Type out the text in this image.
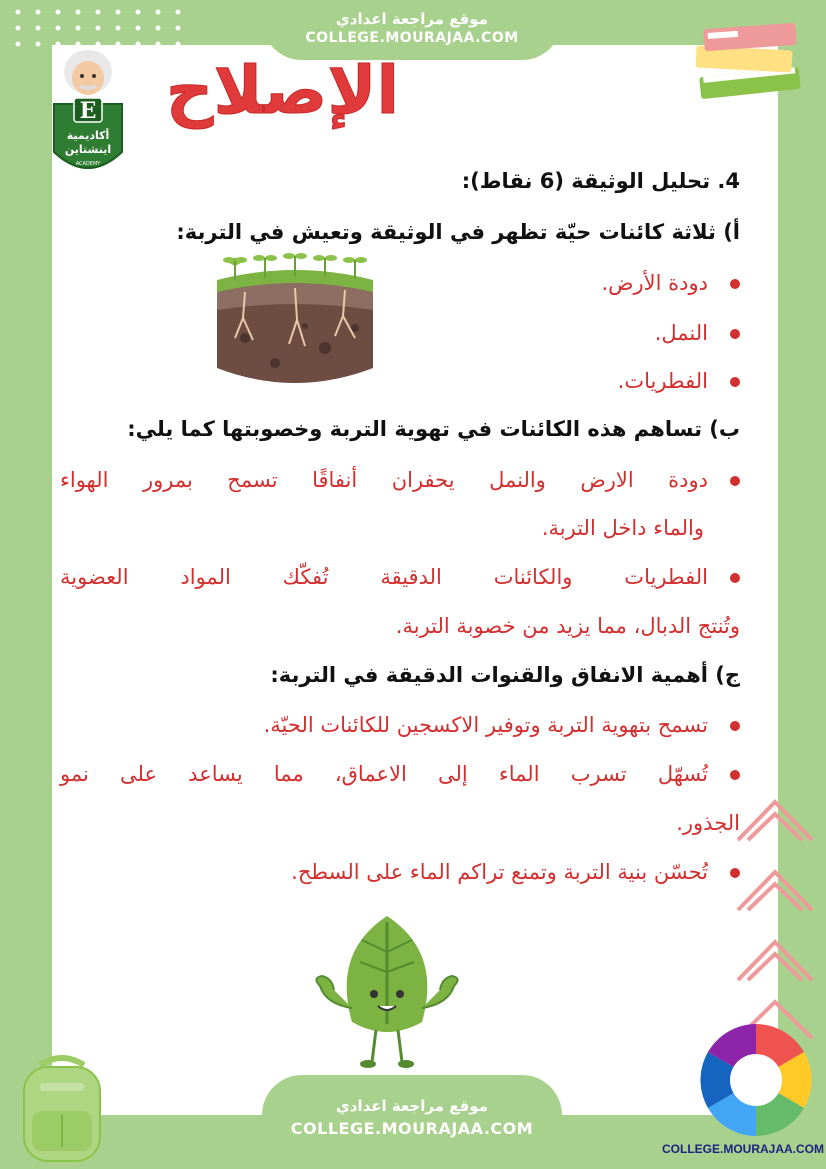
موقع مراجعة اعدادي
COLLEGE.MOURAJAA.COM
E
أكاديمية
اينشتاين
ACADEMY
الإصلاح
4. تحليل الوثيقة (6 نقاط):
أ) ثلاثة كائنات حيّة تظهر في الوثيقة وتعيش في التربة:
دودة الأرض.
النمل.
الفطريات.
ب) تساهم هذه الكائنات في تهوية التربة وخصوبتها كما يلي:
دودة الارض والنمل يحفران أنفاقًا تسمح بمرور الهواء
والماء داخل التربة.
الفطريات والكائنات الدقيقة تُفكّك المواد العضوية
وتُنتج الدبال، مما يزيد من خصوبة التربة.
ج) أهمية الانفاق والقنوات الدقيقة في التربة:
تسمح بتهوية التربة وتوفير الاكسجين للكائنات الحيّة.
تُسهّل تسرب الماء إلى الاعماق، مما يساعد على نمو
الجذور.
تُحسّن بنية التربة وتمنع تراكم الماء على السطح.
موقع مراجعة اعدادي
COLLEGE.MOURAJAA.COM
COLLEGE.MOURAJAA.COM
